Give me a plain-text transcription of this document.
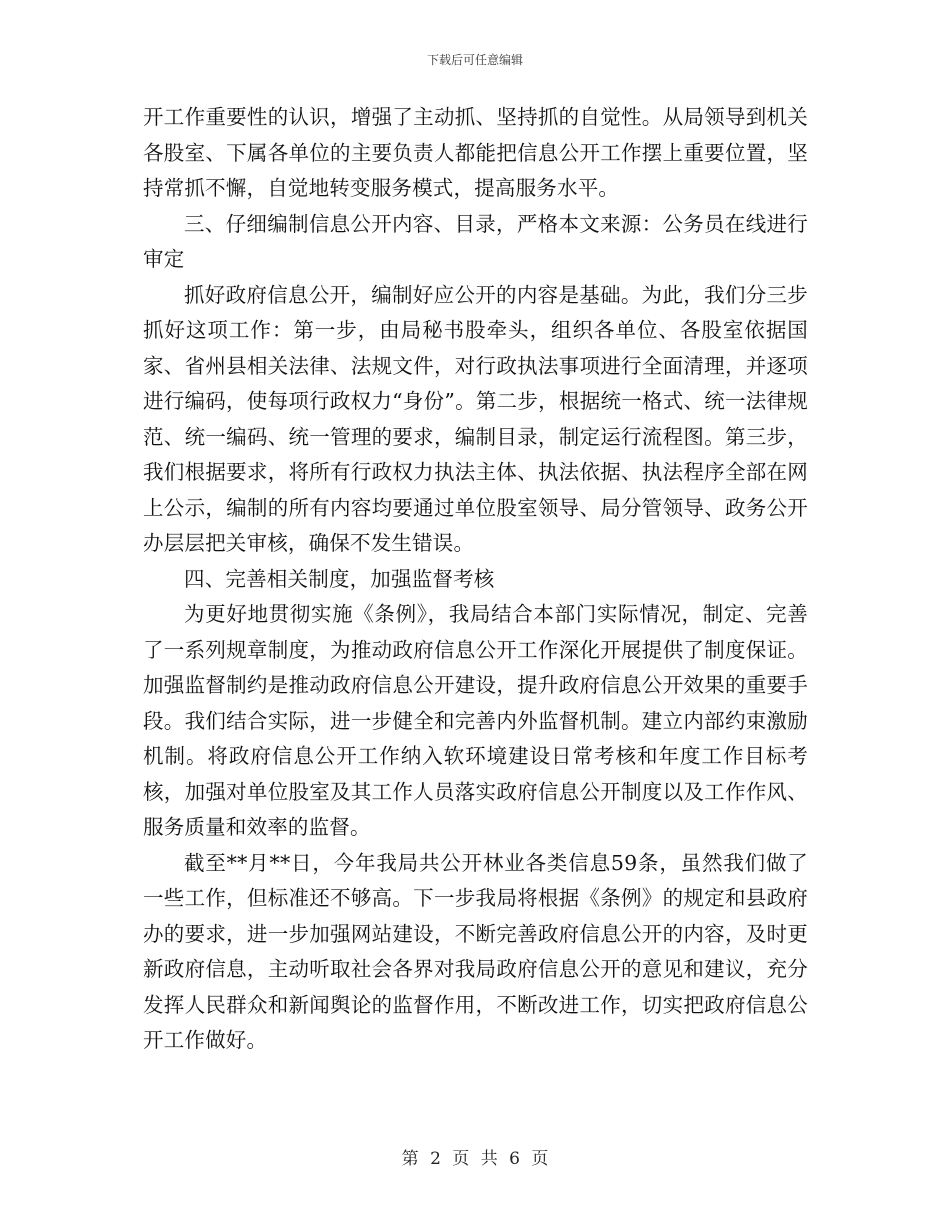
下载后可任意编辑

开工作重要性的认识，增强了主动抓、坚持抓的自觉性。从局领导到机关各股室、下属各单位的主要负责人都能把信息公开工作摆上重要位置，坚持常抓不懈，自觉地转变服务模式，提高服务水平。

三、仔细编制信息公开内容、目录，严格本文来源：公务员在线进行审定

抓好政府信息公开，编制好应公开的内容是基础。为此，我们分三步抓好这项工作：第一步，由局秘书股牵头，组织各单位、各股室依据国家、省州县相关法律、法规文件，对行政执法事项进行全面清理，并逐项进行编码，使每项行政权力“身份”。第二步，根据统一格式、统一法律规范、统一编码、统一管理的要求，编制目录，制定运行流程图。第三步，我们根据要求，将所有行政权力执法主体、执法依据、执法程序全部在网上公示，编制的所有内容均要通过单位股室领导、局分管领导、政务公开办层层把关审核，确保不发生错误。

四、完善相关制度，加强监督考核

为更好地贯彻实施《条例》，我局结合本部门实际情况，制定、完善了一系列规章制度，为推动政府信息公开工作深化开展提供了制度保证。加强监督制约是推动政府信息公开建设，提升政府信息公开效果的重要手段。我们结合实际，进一步健全和完善内外监督机制。建立内部约束激励机制。将政府信息公开工作纳入软环境建设日常考核和年度工作目标考核，加强对单位股室及其工作人员落实政府信息公开制度以及工作作风、服务质量和效率的监督。

截至**月**日，今年我局共公开林业各类信息59条，虽然我们做了一些工作，但标准还不够高。下一步我局将根据《条例》的规定和县政府办的要求，进一步加强网站建设，不断完善政府信息公开的内容，及时更新政府信息，主动听取社会各界对我局政府信息公开的意见和建议，充分发挥人民群众和新闻舆论的监督作用，不断改进工作，切实把政府信息公开工作做好。

第 2 页 共 6 页
